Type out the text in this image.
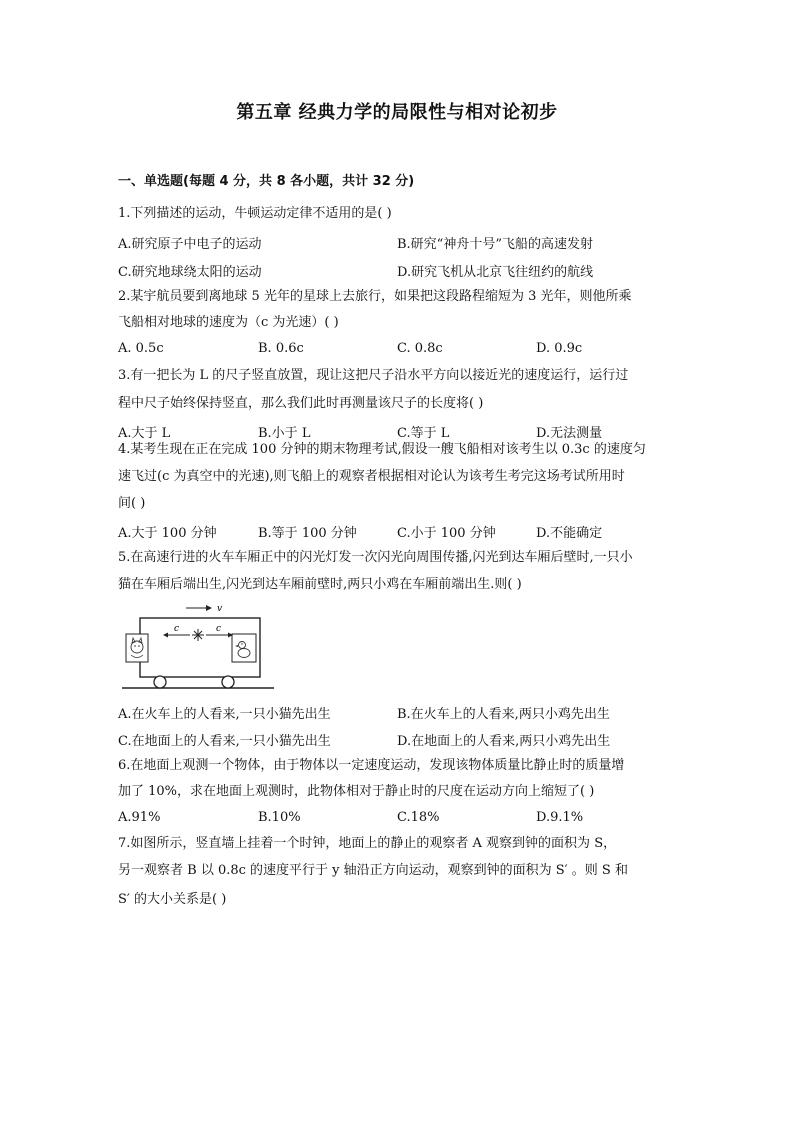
第五章 经典力学的局限性与相对论初步
一、单选题(每题 4 分，共 8 各小题，共计 32 分)
1.下列描述的运动，牛顿运动定律不适用的是( )
A.研究原子中电子的运动	B.研究“神舟十号”飞船的高速发射
C.研究地球绕太阳的运动	D.研究飞机从北京飞往纽约的航线
2.某宇航员要到离地球 5 光年的星球上去旅行，如果把这段路程缩短为 3 光年，则他所乘
飞船相对地球的速度为（c 为光速）( )
A. 0.5c	B. 0.6c	C. 0.8c	D. 0.9c
3.有一把长为 L 的尺子竖直放置，现让这把尺子沿水平方向以接近光的速度运行，运行过
程中尺子始终保持竖直，那么我们此时再测量该尺子的长度将( )
A.大于 L	B.小于 L	C.等于 L	D.无法测量
4.某考生现在正在完成 100 分钟的期末物理考试,假设一艘飞船相对该考生以 0.3c 的速度匀
速飞过(c 为真空中的光速),则飞船上的观察者根据相对论认为该考生考完这场考试所用时
间( )
A.大于 100 分钟	B.等于 100 分钟	C.小于 100 分钟	D.不能确定
5.在高速行进的火车车厢正中的闪光灯发一次闪光向周围传播,闪光到达车厢后壁时,一只小
猫在车厢后端出生,闪光到达车厢前壁时,两只小鸡在车厢前端出生.则( )
v
c	c
A.在火车上的人看来,一只小猫先出生	B.在火车上的人看来,两只小鸡先出生
C.在地面上的人看来,一只小猫先出生	D.在地面上的人看来,两只小鸡先出生
6.在地面上观测一个物体，由于物体以一定速度运动，发现该物体质量比静止时的质量增
加了 10%，求在地面上观测时，此物体相对于静止时的尺度在运动方向上缩短了( )
A.91%	B.10%	C.18%	D.9.1%
7.如图所示，竖直墙上挂着一个时钟，地面上的静止的观察者 A 观察到钟的面积为 S，
另一观察者 B 以 0.8c 的速度平行于 y 轴沿正方向运动，观察到钟的面积为 S′ 。则 S 和
S′ 的大小关系是( )
